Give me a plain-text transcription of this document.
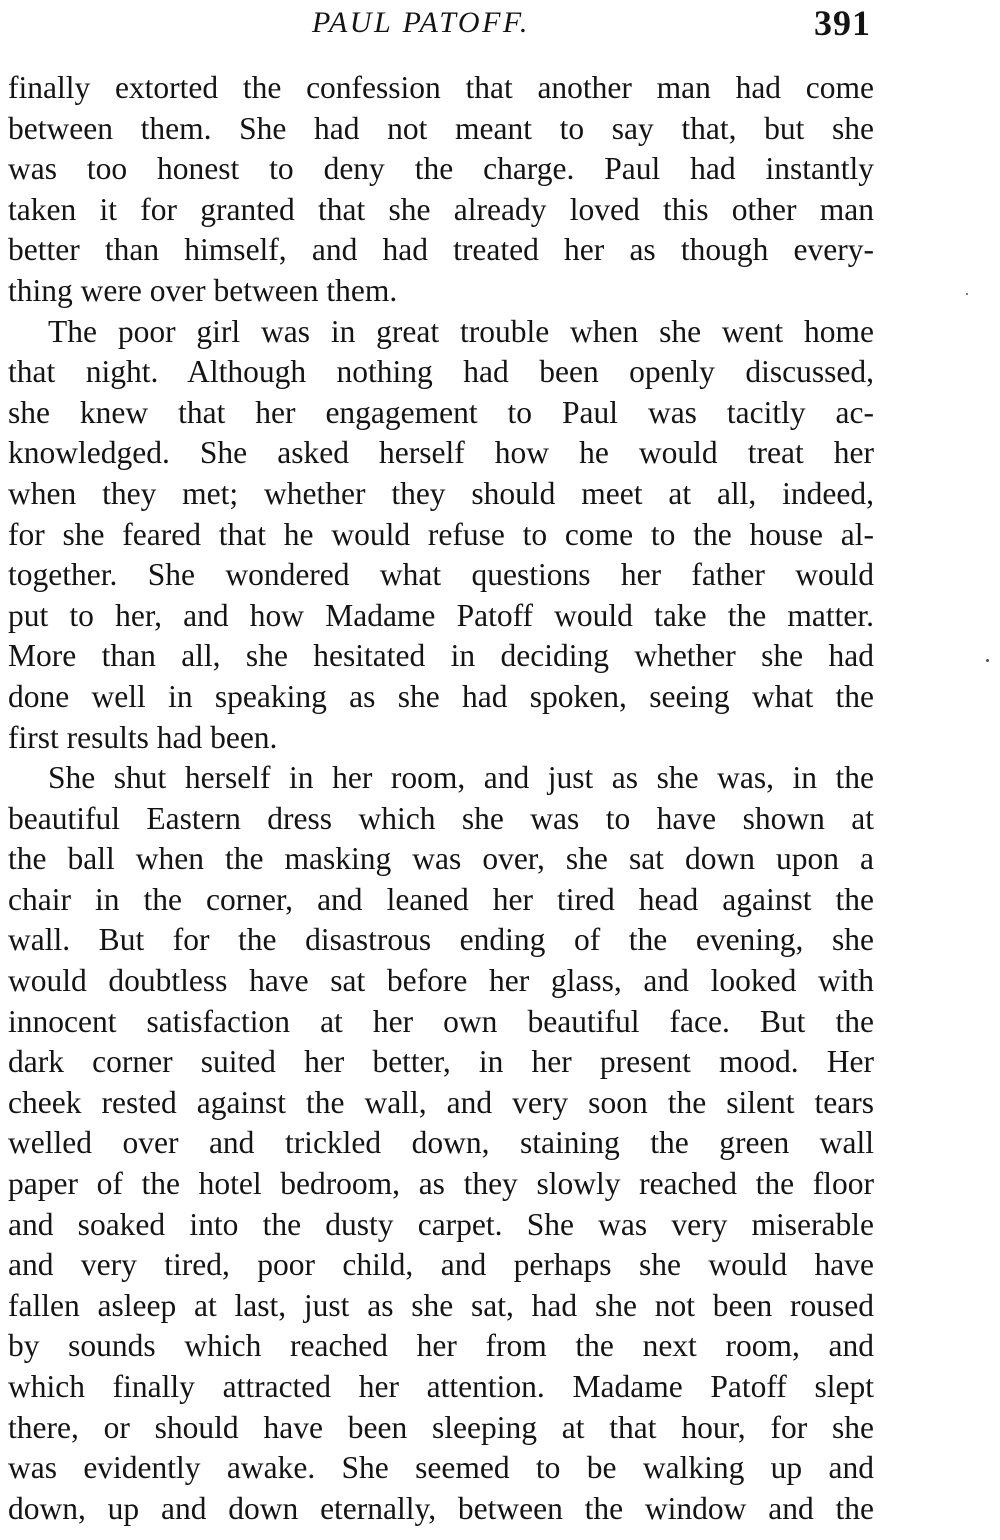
PAUL PATOFF.	391
finally extorted the confession that another man had come
between them. She had not meant to say that, but she
was too honest to deny the charge. Paul had instantly
taken it for granted that she already loved this other man
better than himself, and had treated her as though every-
thing were over between them.
The poor girl was in great trouble when she went home
that night. Although nothing had been openly discussed,
she knew that her engagement to Paul was tacitly ac-
knowledged. She asked herself how he would treat her
when they met; whether they should meet at all, indeed,
for she feared that he would refuse to come to the house al-
together. She wondered what questions her father would
put to her, and how Madame Patoff would take the matter.
More than all, she hesitated in deciding whether she had
done well in speaking as she had spoken, seeing what the
first results had been.
She shut herself in her room, and just as she was, in the
beautiful Eastern dress which she was to have shown at
the ball when the masking was over, she sat down upon a
chair in the corner, and leaned her tired head against the
wall. But for the disastrous ending of the evening, she
would doubtless have sat before her glass, and looked with
innocent satisfaction at her own beautiful face. But the
dark corner suited her better, in her present mood. Her
cheek rested against the wall, and very soon the silent tears
welled over and trickled down, staining the green wall
paper of the hotel bedroom, as they slowly reached the floor
and soaked into the dusty carpet. She was very miserable
and very tired, poor child, and perhaps she would have
fallen asleep at last, just as she sat, had she not been roused
by sounds which reached her from the next room, and
which finally attracted her attention. Madame Patoff slept
there, or should have been sleeping at that hour, for she
was evidently awake. She seemed to be walking up and
down, up and down eternally, between the window and the
